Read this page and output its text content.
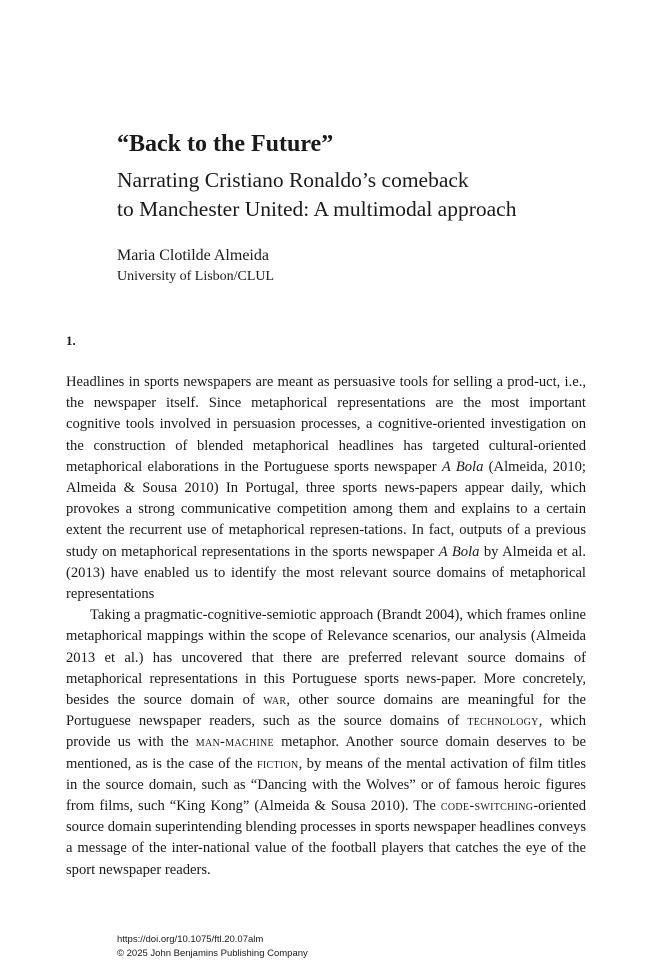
“Back to the Future”
Narrating Cristiano Ronaldo’s comeback
to Manchester United: A multimodal approach
Maria Clotilde Almeida
University of Lisbon/CLUL
1.

Headlines in sports newspapers are meant as persuasive tools for selling a prod-uct, i.e., the newspaper itself. Since metaphorical representations are the most important cognitive tools involved in persuasion processes, a cognitive-oriented investigation on the construction of blended metaphorical headlines has targeted cultural-oriented metaphorical elaborations in the Portuguese sports newspaper A Bola (Almeida, 2010; Almeida & Sousa 2010) In Portugal, three sports news-papers appear daily, which provokes a strong communicative competition among them and explains to a certain extent the recurrent use of metaphorical represen-tations. In fact, outputs of a previous study on metaphorical representations in the sports newspaper A Bola by Almeida et al. (2013) have enabled us to identify the most relevant source domains of metaphorical representations

Taking a pragmatic-cognitive-semiotic approach (Brandt 2004), which frames online metaphorical mappings within the scope of Relevance scenarios, our analysis (Almeida 2013 et al.) has uncovered that there are preferred relevant source domains of metaphorical representations in this Portuguese sports news-paper. More concretely, besides the source domain of war, other source domains are meaningful for the Portuguese newspaper readers, such as the source domains of technology, which provide us with the man-machine metaphor. Another source domain deserves to be mentioned, as is the case of the fiction, by means of the mental activation of film titles in the source domain, such as “Dancing with the Wolves” or of famous heroic figures from films, such “King Kong” (Almeida & Sousa 2010). The code-switching-oriented source domain superintending blending processes in sports newspaper headlines conveys a message of the inter-national value of the football players that catches the eye of the sport newspaper readers.

https://doi.org/10.1075/ftl.20.07alm
© 2025 John Benjamins Publishing Company
